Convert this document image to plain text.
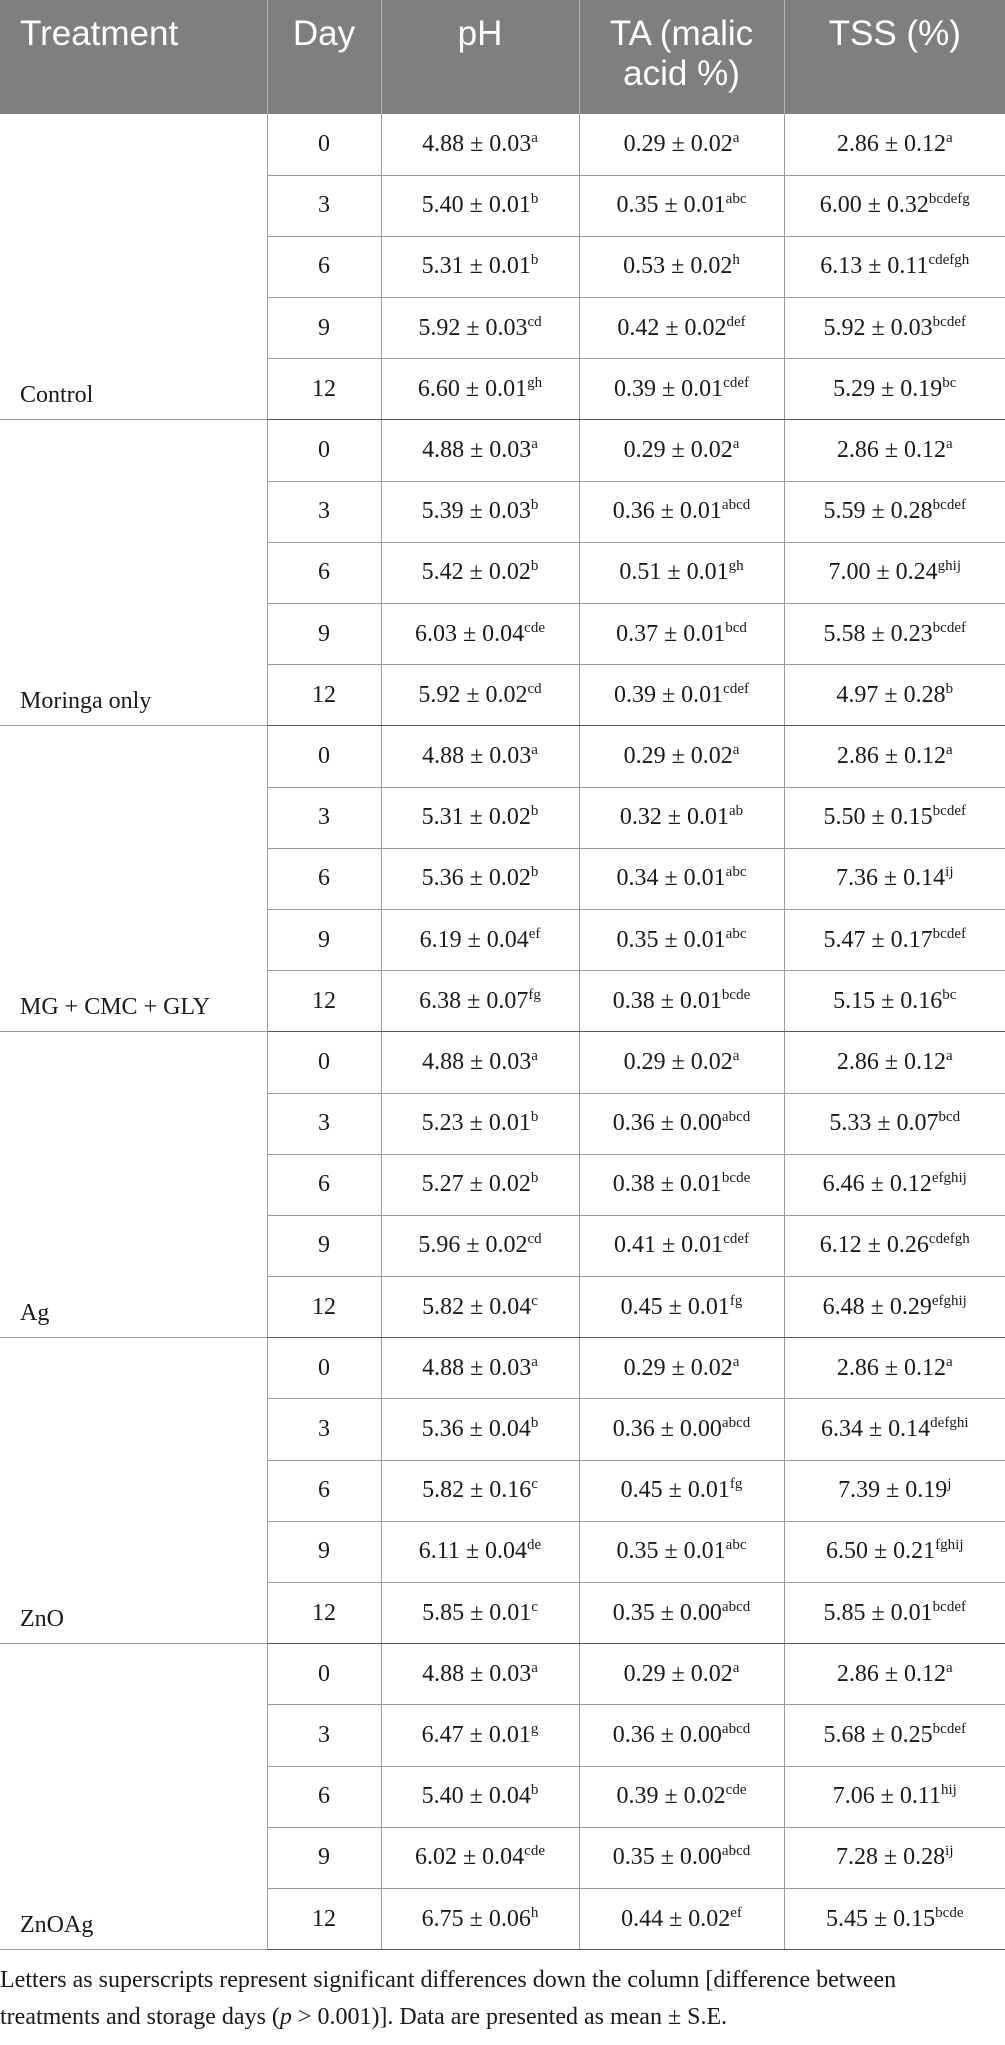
Treatment	Day	pH	TA (malic acid %)	TSS (%)
Control	0	4.88 ± 0.03$^a$	0.29 ± 0.02$^a$	2.86 ± 0.12$^a$
	3	5.40 ± 0.01$^b$	0.35 ± 0.01$^{abc}$	$6.00 \pm 0.32^{bcdefg}$
	6	5.31 ± 0.01$^b$	0.53 ± 0.02$^h$	$6.13 \pm 0.11^{cdefgh}$
	9	5.92 ± 0.03$^{cd}$	0.42 ± 0.02$^{def}$	$5.92 \pm 0.03^{bcdef}$
	12	6.60 ± 0.01$^{gh}$	$0.39 \pm 0.01^{cdef}$	5.29 ± 0.19$^{bc}$
Moringa only	0	4.88 ± 0.03$^a$	0.29 ± 0.02$^a$	2.86 ± 0.12$^a$
	3	5.39 ± 0.03$^b$	$0.36 \pm 0.01^{abcd}$	$5.59 \pm 0.28^{bcdef}$
	6	5.42 ± 0.02$^b$	0.51 ± 0.01$^{gh}$	$7.00 \pm 0.24^{ghij}$
	9	6.03 ± 0.04$^{cde}$	0.37 ± 0.01$^{bcd}$	$5.58 \pm 0.23^{bcdef}$
	12	5.92 ± 0.02$^{cd}$	$0.39 \pm 0.01^{cdef}$	4.97 ± 0.28$^b$
MG + CMC + GLY	0	4.88 ± 0.03$^a$	0.29 ± 0.02$^a$	2.86 ± 0.12$^a$
	3	5.31 ± 0.02$^b$	0.32 ± 0.01$^{ab}$	$5.50 \pm 0.15^{bcdef}$
	6	5.36 ± 0.02$^b$	0.34 ± 0.01$^{abc}$	$7.36 \pm 0.14^{ij}$
	9	6.19 ± 0.04$^{ef}$	0.35 ± 0.01$^{abc}$	$5.47 \pm 0.17^{bcdef}$
	12	6.38 ± 0.07$^{fg}$	$0.38 \pm 0.01^{bcde}$	5.15 ± 0.16$^{bc}$
Ag	0	4.88 ± 0.03$^a$	0.29 ± 0.02$^a$	2.86 ± 0.12$^a$
	3	5.23 ± 0.01$^b$	$0.36 \pm 0.00^{abcd}$	5.33 ± 0.07$^{bcd}$
	6	5.27 ± 0.02$^b$	$0.38 \pm 0.01^{bcde}$	$6.46 \pm 0.12^{efghij}$
	9	5.96 ± 0.02$^{cd}$	$0.41 \pm 0.01^{cdef}$	$6.12 \pm 0.26^{cdefgh}$
	12	5.82 ± 0.04$^c$	0.45 ± 0.01$^{fg}$	$6.48 \pm 0.29^{efghij}$
ZnO	0	4.88 ± 0.03$^a$	0.29 ± 0.02$^a$	2.86 ± 0.12$^a$
	3	5.36 ± 0.04$^b$	$0.36 \pm 0.00^{abcd}$	$6.34 \pm 0.14^{defghi}$
	6	5.82 ± 0.16$^c$	0.45 ± 0.01$^{fg}$	$7.39 \pm 0.19^j$
	9	6.11 ± 0.04de	0.35 ± 0.01$^{abc}$	$6.50 \pm 0.21^{fghij}$
	12	5.85 ± 0.01$^c$	$0.35 \pm 0.00^{abcd}$	$5.85 \pm 0.01^{bcdef}$
ZnOAg	0	4.88 ± 0.03$^a$	0.29 ± 0.02$^a$	2.86 ± 0.12$^a$
	3	6.47 ± 0.01$^g$	$0.36 \pm 0.00^{abcd}$	$5.68 \pm 0.25^{bcdef}$
	6	5.40 ± 0.04$^b$	0.39 ± 0.02$^{cde}$	$7.06 \pm 0.11^{hij}$
	9	6.02 ± 0.04$^{cde}$	$0.35 \pm 0.00^{abcd}$	$7.28 \pm 0.28^{ij}$
	12	6.75 ± 0.06$^h$	0.44 ± 0.02$^{ef}$	$5.45 \pm 0.15^{bcde}$
Letters as superscripts represent significant differences down the column [difference between treatments and storage days (p > 0.001)]. Data are presented as mean ± S.E.
